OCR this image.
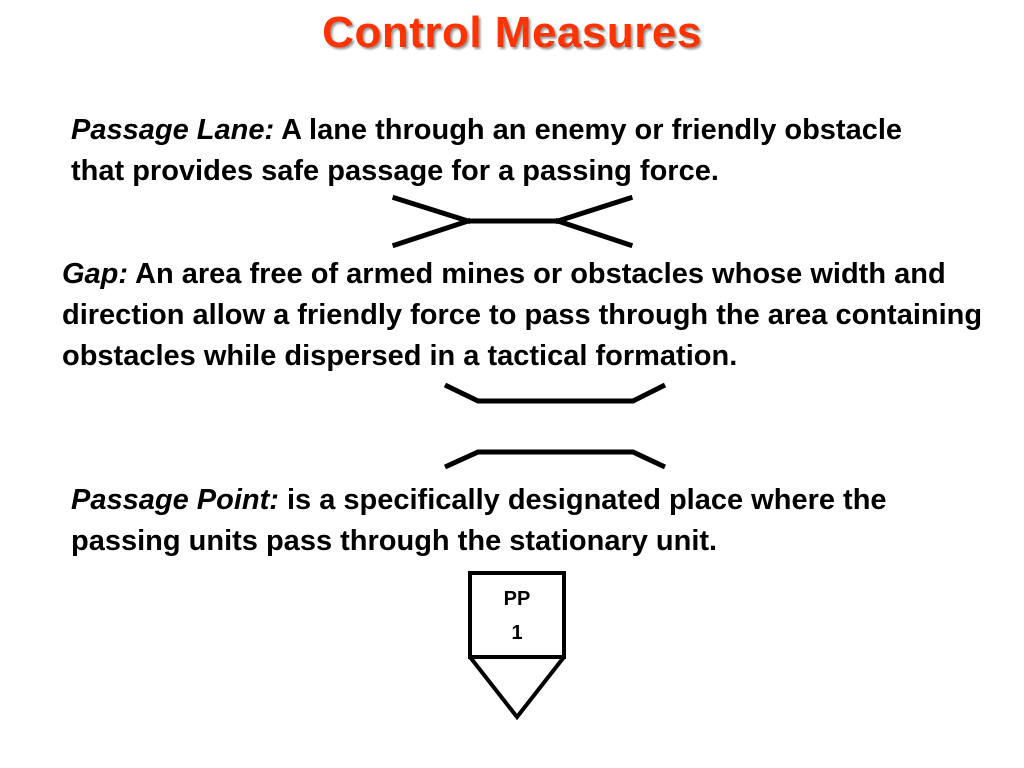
Control Measures
Passage Lane: A lane through an enemy or friendly obstacle that provides safe passage for a passing force.
Gap: An area free of armed mines or obstacles whose width and direction allow a friendly force to pass through the area containing obstacles while dispersed in a tactical formation.
Passage Point: is a specifically designated place where the passing units pass through the stationary unit.
PP
1
